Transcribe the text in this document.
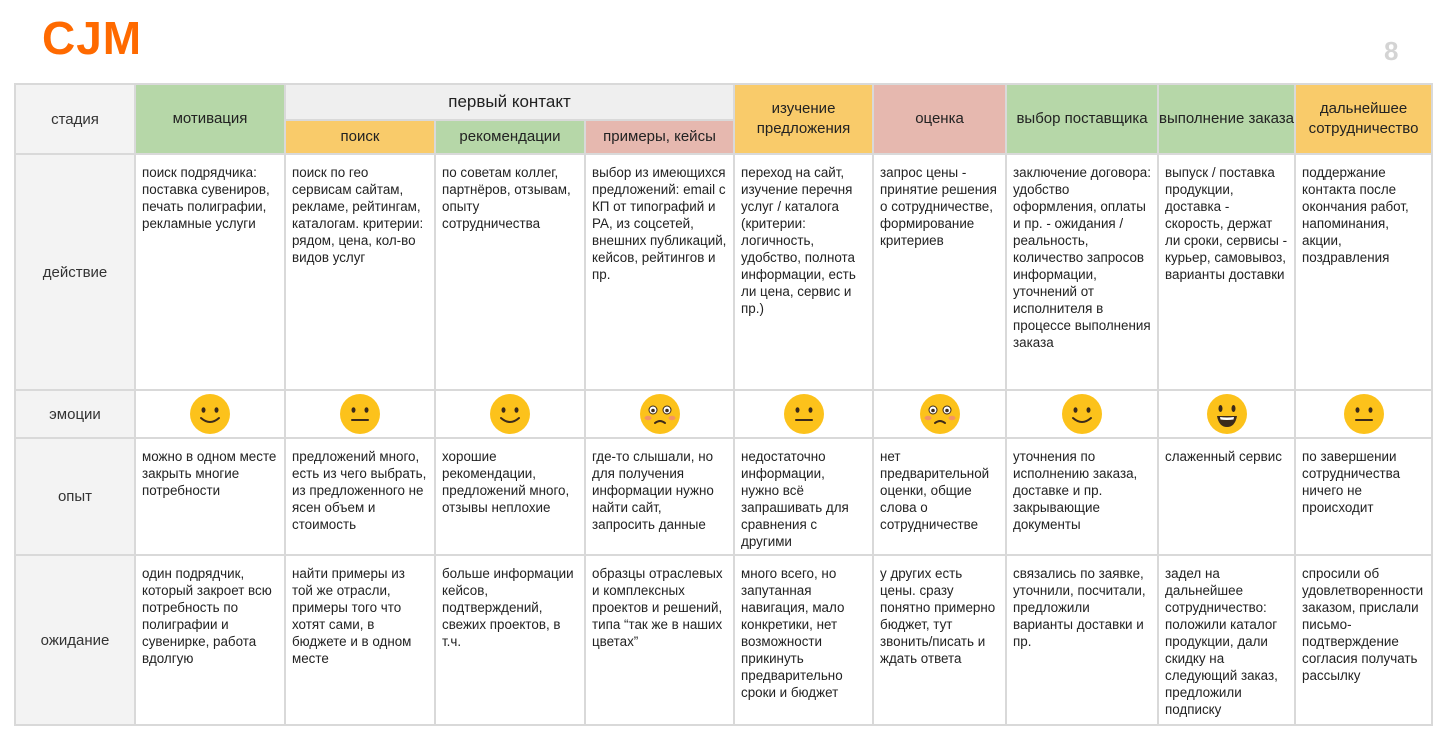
CJM	8
стадия	мотивация	первый контакт			изучение предложения	оценка	выбор поставщика	выполнение заказа	дальнейшее сотрудничество
		поиск	рекомендации	примеры, кейсы					
действие	поиск подрядчика: поставка сувениров, печать полиграфии, рекламные услуги	поиск по гео сервисам сайтам, рекламе, рейтингам, каталогам. критерии: рядом, цена, кол-во видов услуг	по советам коллег, партнёров, отзывам, опыту сотрудничества	выбор из имеющихся предложений: email с КП от типографий и РА, из соцсетей, внешних публикаций, кейсов, рейтингов и пр.	переход на сайт, изучение перечня услуг / каталога (критерии: логичность, удобство, полнота информации, есть ли цена, сервис и пр.)	запрос цены - принятие решения о сотрудничестве, формирование критериев	заключение договора: удобство оформления, оплаты и пр. - ожидания / реальность, количество запросов информации, уточнений от исполнителя в процессе выполнения заказа	выпуск / поставка продукции, доставка - скорость, держат ли сроки, сервисы - курьер, самовывоз, варианты доставки	поддержание контакта после окончания работ, напоминания, акции, поздравления
эмоции									
опыт	можно в одном месте закрыть многие потребности	предложений много, есть из чего выбрать, из предложенного не ясен объем и стоимость	хорошие рекомендации, предложений много, отзывы неплохие	где-то слышали, но для получения информации нужно найти сайт, запросить данные	недостаточно информации, нужно всё запрашивать для сравнения с другими	нет предварительной оценки, общие слова о сотрудничестве	уточнения по исполнению заказа, доставке и пр. закрывающие документы	слаженный сервис	по завершении сотрудничества ничего не происходит
ожидание	один подрядчик, который закроет всю потребность по полиграфии и сувенирке, работа вдолгую	найти примеры из той же отрасли, примеры того что хотят сами, в бюджете и в одном месте	больше информации кейсов, подтверждений, свежих проектов, в т.ч.	образцы отраслевых и комплексных проектов и решений, типа “так же в наших цветах”	много всего, но запутанная навигация, мало конкретики, нет возможности прикинуть предварительно сроки и бюджет	у других есть цены. сразу понятно примерно бюджет, тут звонить/писать и ждать ответа	связались по заявке, уточнили, посчитали, предложили варианты доставки и пр.	задел на дальнейшее сотрудничество: положили каталог продукции, дали скидку на следующий заказ, предложили подписку	спросили об удовлетворенности заказом, прислали письмо-подтверждение согласия получать рассылку
